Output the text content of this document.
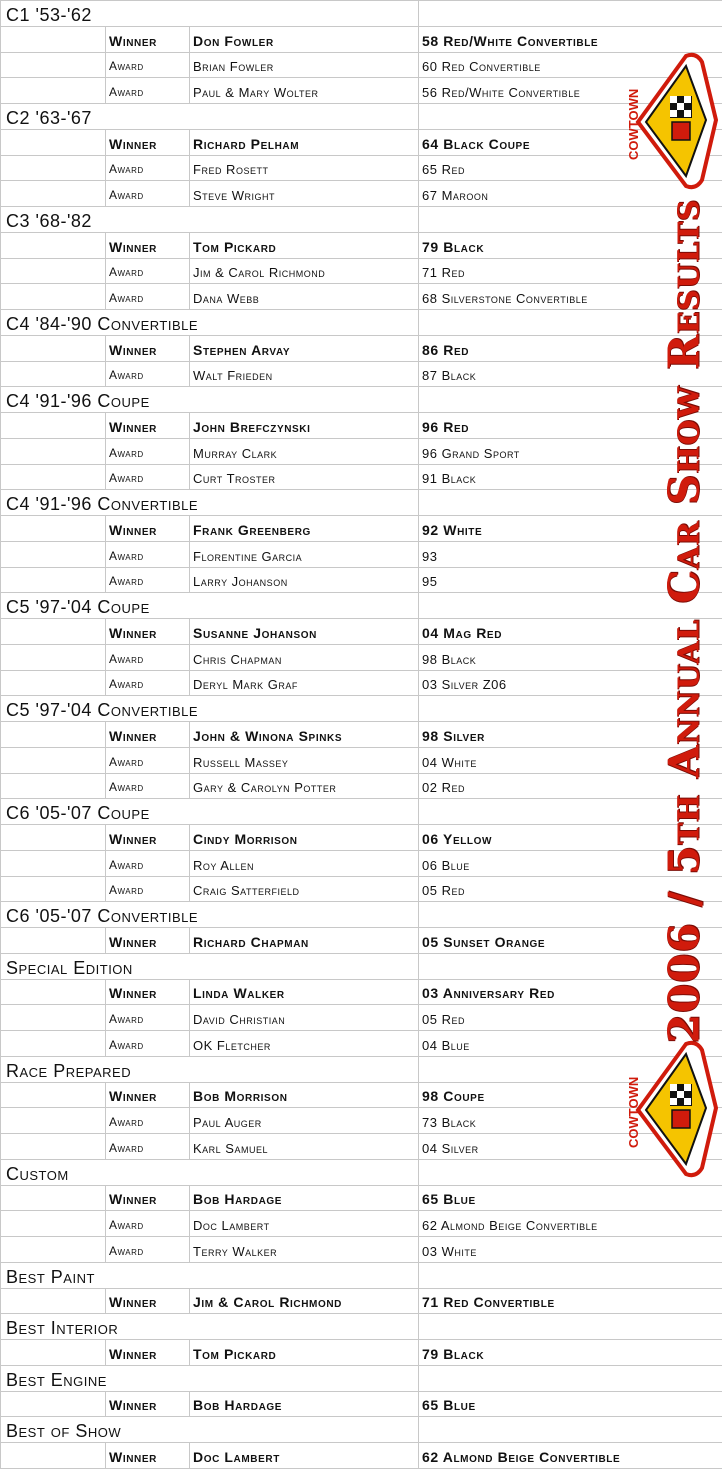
C1 '53-'62			
	Winner	Don Fowler	58 Red/White Convertible
	Award	Brian Fowler	60 Red Convertible
	Award	Paul & Mary Wolter	56 Red/White Convertible
C2 '63-'67			
	Winner	Richard Pelham	64 Black Coupe
	Award	Fred Rosett	65 Red
	Award	Steve Wright	67 Maroon
C3 '68-'82			
	Winner	Tom Pickard	79 Black
	Award	Jim & Carol Richmond	71 Red
	Award	Dana Webb	68 Silverstone Convertible
C4 '84-'90 Convertible			
	Winner	Stephen Arvay	86 Red
	Award	Walt Frieden	87 Black
C4 '91-'96 Coupe			
	Winner	John Brefczynski	96 Red
	Award	Murray Clark	96 Grand Sport
	Award	Curt Troster	91 Black
C4 '91-'96 Convertible			
	Winner	Frank Greenberg	92 White
	Award	Florentine Garcia	93
	Award	Larry Johanson	95
C5 '97-'04 Coupe			
	Winner	Susanne Johanson	04 Mag Red
	Award	Chris Chapman	98 Black
	Award	Deryl Mark Graf	03 Silver Z06
C5 '97-'04 Convertible			
	Winner	John & Winona Spinks	98 Silver
	Award	Russell Massey	04 White
	Award	Gary & Carolyn Potter	02 Red
C6 '05-'07 Coupe			
	Winner	Cindy Morrison	06 Yellow
	Award	Roy Allen	06 Blue
	Award	Craig Satterfield	05 Red
C6 '05-'07 Convertible			
	Winner	Richard Chapman	05 Sunset Orange
Special Edition			
	Winner	Linda Walker	03 Anniversary Red
	Award	David Christian	05 Red
	Award	OK Fletcher	04 Blue
Race Prepared			
	Winner	Bob Morrison	98 Coupe
	Award	Paul Auger	73 Black
	Award	Karl Samuel	04 Silver
Custom			
	Winner	Bob Hardage	65 Blue
	Award	Doc Lambert	62 Almond Beige Convertible
	Award	Terry Walker	03 White
Best Paint			
	Winner	Jim & Carol Richmond	71 Red Convertible
Best Interior			
	Winner	Tom Pickard	79 Black
Best Engine			
	Winner	Bob Hardage	65 Blue
Best of Show			
	Winner	Doc Lambert	62 Almond Beige Convertible
COWTOWN
COWTOWN
2006 / 5th Annual Car Show Results
